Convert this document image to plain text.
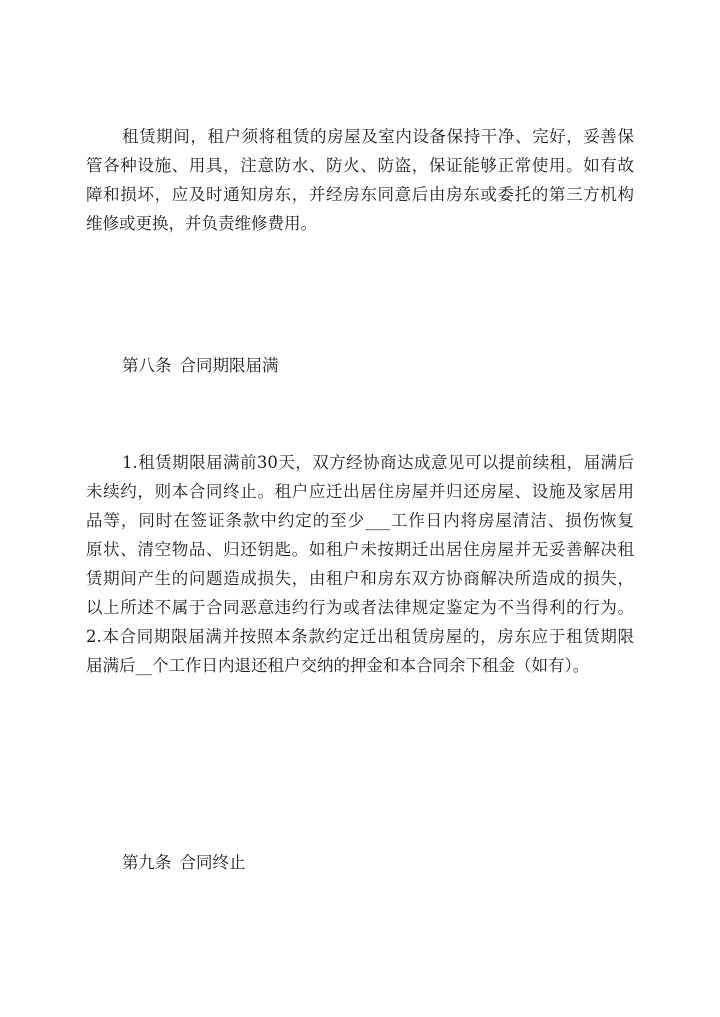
租赁期间，租户须将租赁的房屋及室内设备保持干净、完好，妥善保
管各种设施、用具，注意防水、防火、防盗，保证能够正常使用。如有故
障和损坏，应及时通知房东，并经房东同意后由房东或委托的第三方机构
维修或更换，并负责维修费用。
第八条 合同期限届满
1.租赁期限届满前30天，双方经协商达成意见可以提前续租，届满后
未续约，则本合同终止。租户应迁出居住房屋并归还房屋、设施及家居用
品等，同时在签证条款中约定的至少___工作日内将房屋清洁、损伤恢复
原状、清空物品、归还钥匙。如租户未按期迁出居住房屋并无妥善解决租
赁期间产生的问题造成损失，由租户和房东双方协商解决所造成的损失，
以上所述不属于合同恶意违约行为或者法律规定鉴定为不当得利的行为。
2.本合同期限届满并按照本条款约定迁出租赁房屋的，房东应于租赁期限
届满后__个工作日内退还租户交纳的押金和本合同余下租金（如有）。
第九条 合同终止
